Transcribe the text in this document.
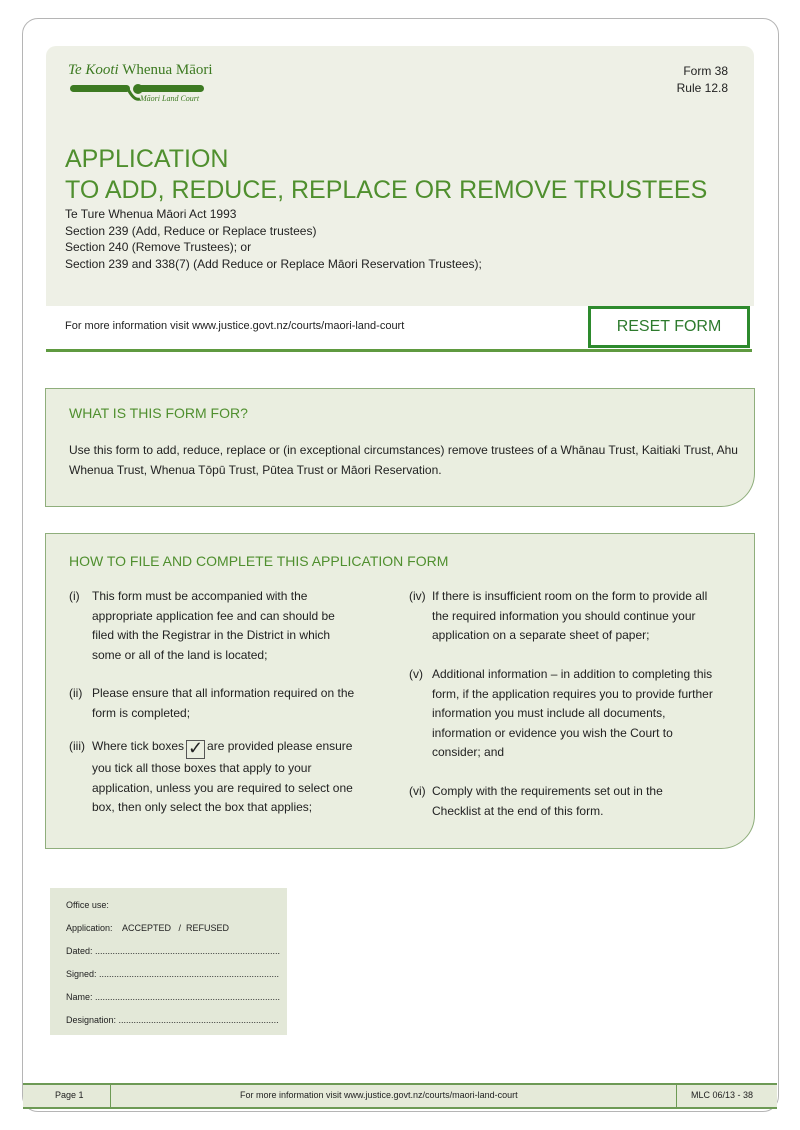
Te Kooti Whenua Māori
Māori Land Court
Form 38
Rule 12.8
APPLICATION
TO ADD, REDUCE, REPLACE OR REMOVE TRUSTEES
Te Ture Whenua Māori Act 1993
Section 239 (Add, Reduce or Replace trustees)
Section 240 (Remove Trustees); or
Section 239 and 338(7) (Add Reduce or Replace Māori Reservation Trustees);
For more information visit www.justice.govt.nz/courts/maori-land-court	RESET FORM
WHAT IS THIS FORM FOR?
Use this form to add, reduce, replace or (in exceptional circumstances) remove trustees of a Whānau Trust, Kaitiaki Trust, Ahu Whenua Trust, Whenua Tōpū Trust, Pūtea Trust or Māori Reservation.
HOW TO FILE AND COMPLETE THIS APPLICATION FORM
(i) This form must be accompanied with the appropriate application fee and can should be filed with the Registrar in the District in which some or all of the land is located;
(ii) Please ensure that all information required on the form is completed;
(iii) Where tick boxes ✓ are provided please ensure you tick all those boxes that apply to your application, unless you are required to select one box, then only select the box that applies;
(iv) If there is insufficient room on the form to provide all the required information you should continue your application on a separate sheet of paper;
(v) Additional information – in addition to completing this form, if the application requires you to provide further information you must include all documents, information or evidence you wish the Court to consider; and
(vi) Comply with the requirements set out in the Checklist at the end of this form.
Office use:
Application:    ACCEPTED   /  REFUSED
Dated: ..........................................................................
Signed: ........................................................................
Name: ..........................................................................
Designation: ................................................................
Page 1	For more information visit www.justice.govt.nz/courts/maori-land-court	MLC 06/13 - 38
